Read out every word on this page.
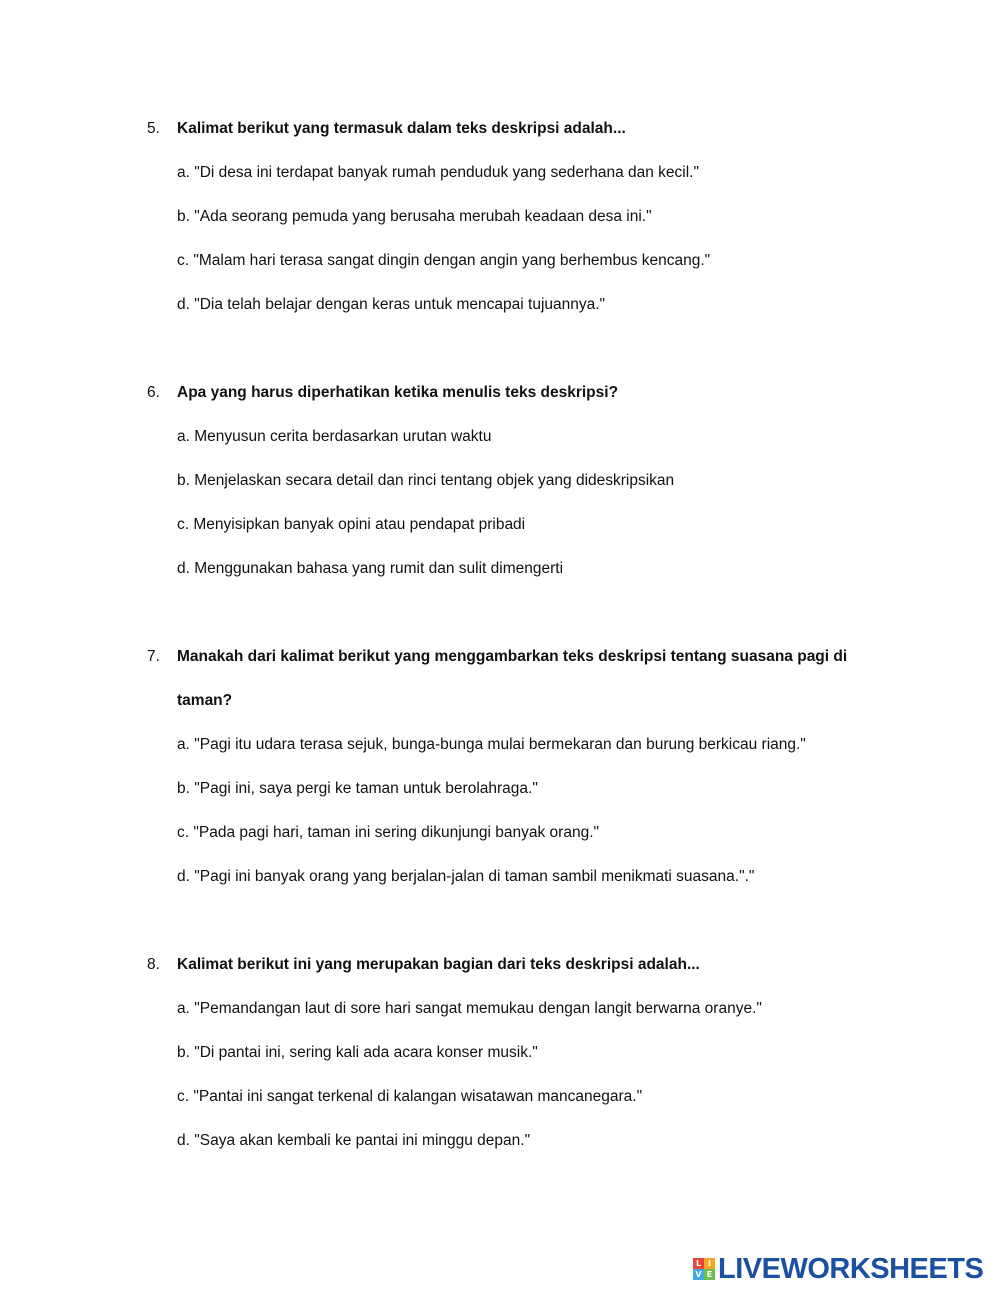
5. Kalimat berikut yang termasuk dalam teks deskripsi adalah...
a. "Di desa ini terdapat banyak rumah penduduk yang sederhana dan kecil."
b. "Ada seorang pemuda yang berusaha merubah keadaan desa ini."
c. "Malam hari terasa sangat dingin dengan angin yang berhembus kencang."
d. "Dia telah belajar dengan keras untuk mencapai tujuannya."
6. Apa yang harus diperhatikan ketika menulis teks deskripsi?
a. Menyusun cerita berdasarkan urutan waktu
b. Menjelaskan secara detail dan rinci tentang objek yang dideskripsikan
c. Menyisipkan banyak opini atau pendapat pribadi
d. Menggunakan bahasa yang rumit dan sulit dimengerti
7. Manakah dari kalimat berikut yang menggambarkan teks deskripsi tentang suasana pagi di
taman?
a. "Pagi itu udara terasa sejuk, bunga-bunga mulai bermekaran dan burung berkicau riang."
b. "Pagi ini, saya pergi ke taman untuk berolahraga."
c. "Pada pagi hari, taman ini sering dikunjungi banyak orang."
d. "Pagi ini banyak orang yang berjalan-jalan di taman sambil menikmati suasana."."
8. Kalimat berikut ini yang merupakan bagian dari teks deskripsi adalah...
a. "Pemandangan laut di sore hari sangat memukau dengan langit berwarna oranye."
b. "Di pantai ini, sering kali ada acara konser musik."
c. "Pantai ini sangat terkenal di kalangan wisatawan mancanegara."
d. "Saya akan kembali ke pantai ini minggu depan."
L I
V E LIVEWORKSHEETS
